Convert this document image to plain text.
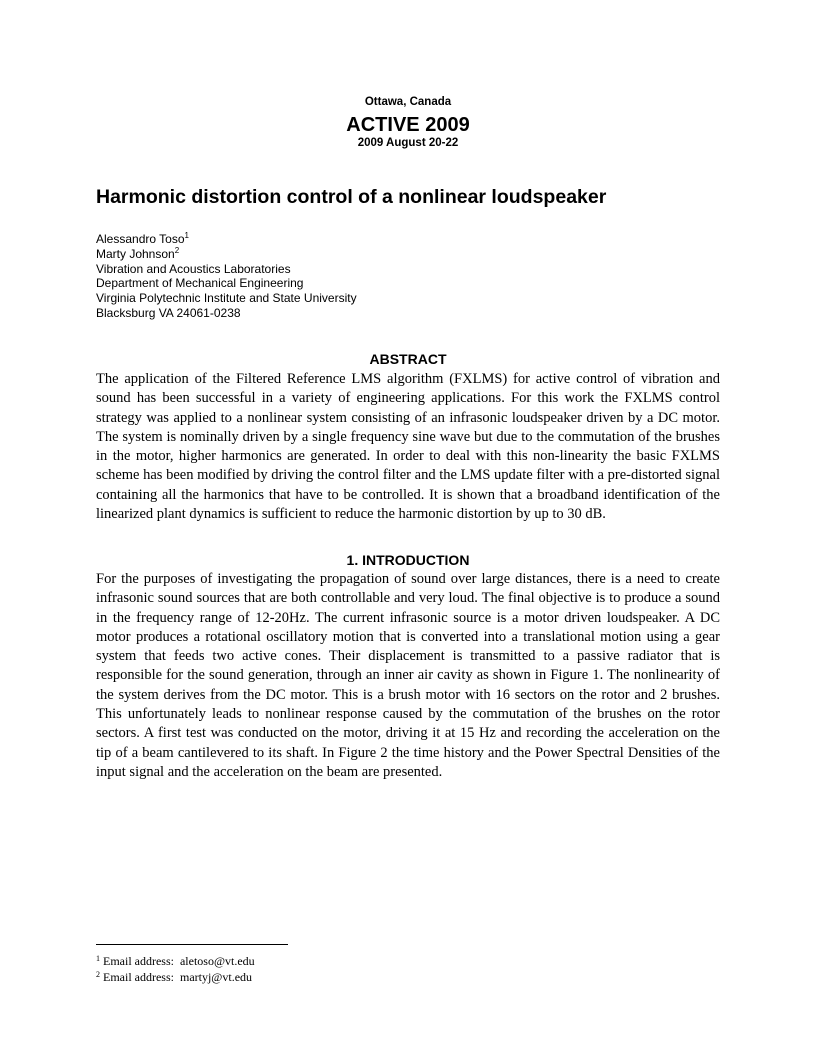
Ottawa, Canada
ACTIVE 2009
2009 August 20-22
Harmonic distortion control of a nonlinear loudspeaker
Alessandro Toso$^1$
Marty Johnson$^2$
Vibration and Acoustics Laboratories
Department of Mechanical Engineering
Virginia Polytechnic Institute and State University
Blacksburg VA 24061-0238
ABSTRACT

The application of the Filtered Reference LMS algorithm (FXLMS) for active control of vibration and sound has been successful in a variety of engineering applications. For this work the FXLMS control strategy was applied to a nonlinear system consisting of an infrasonic loudspeaker driven by a DC motor. The system is nominally driven by a single frequency sine wave but due to the commutation of the brushes in the motor, higher harmonics are generated. In order to deal with this non-linearity the basic FXLMS scheme has been modified by driving the control filter and the LMS update filter with a pre-distorted signal containing all the harmonics that have to be controlled. It is shown that a broadband identification of the linearized plant dynamics is sufficient to reduce the harmonic distortion by up to 30 dB.

1. INTRODUCTION

For the purposes of investigating the propagation of sound over large distances, there is a need to create infrasonic sound sources that are both controllable and very loud. The final objective is to produce a sound in the frequency range of 12-20Hz. The current infrasonic source is a motor driven loudspeaker. A DC motor produces a rotational oscillatory motion that is converted into a translational motion using a gear system that feeds two active cones. Their displacement is transmitted to a passive radiator that is responsible for the sound generation, through an inner air cavity as shown in Figure 1. The nonlinearity of the system derives from the DC motor. This is a brush motor with 16 sectors on the rotor and 2 brushes. This unfortunately leads to nonlinear response caused by the commutation of the brushes on the rotor sectors. A first test was conducted on the motor, driving it at 15 Hz and recording the acceleration on the tip of a beam cantilevered to its shaft. In Figure 2 the time history and the Power Spectral Densities of the input signal and the acceleration on the beam are presented.

$^1$ Email address: aletoso@vt.edu
$^2$ Email address: martyj@vt.edu
